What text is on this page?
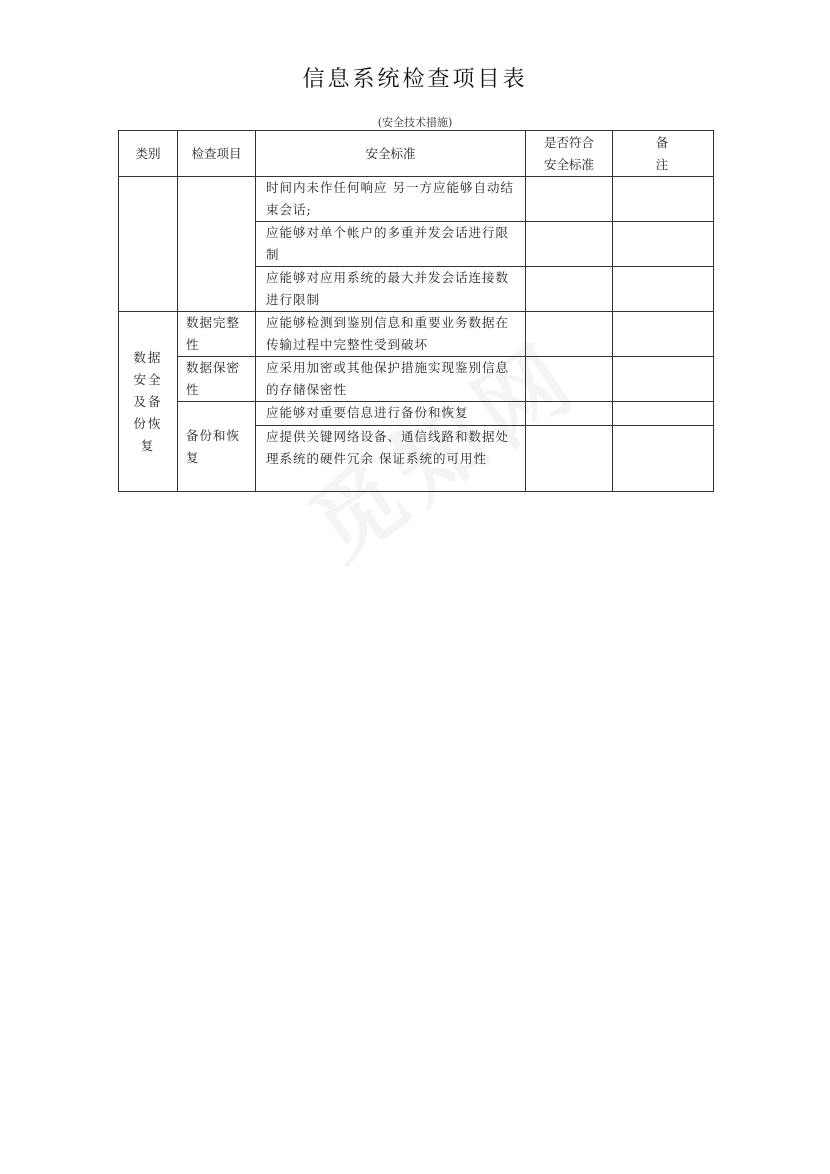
信息系统检查项目表
(安全技术措施)
类别	检查项目	安全标准	是否符合安全标准	备 注
		时间内未作任何响应 另一方应能够自动结束会话;		
		应能够对单个帐户的多重并发会话进行限制		
		应能够对应用系统的最大并发会话连接数进行限制		
数据安全及备份恢复	数据完整性	应能够检测到鉴别信息和重要业务数据在传输过程中完整性受到破坏		
	数据保密性	应采用加密或其他保护措施实现鉴别信息的存储保密性		
	备份和恢复	应能够对重要信息进行备份和恢复		
		应提供关键网络设备、通信线路和数据处理系统的硬件冗余 保证系统的可用性		
